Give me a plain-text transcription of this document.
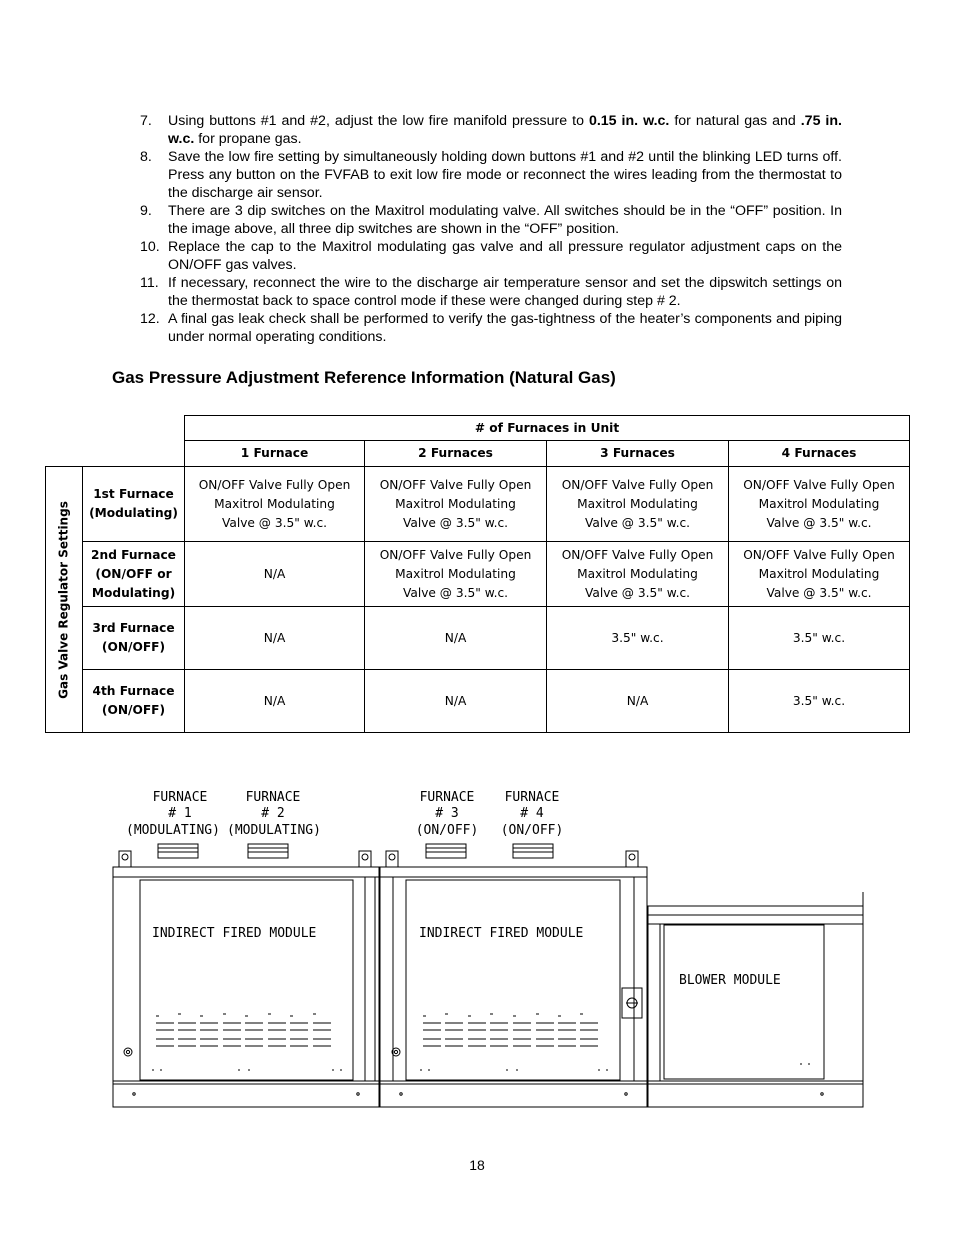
7.	Using buttons #1 and #2, adjust the low fire manifold pressure to 0.15 in. w.c. for natural gas and .75 in. w.c. for propane gas.
8.	Save the low fire setting by simultaneously holding down buttons #1 and #2 until the blinking LED turns off. Press any button on the FVFAB to exit low fire mode or reconnect the wires leading from the thermostat to the discharge air sensor.
9.	There are 3 dip switches on the Maxitrol modulating valve. All switches should be in the “OFF” position. In the image above, all three dip switches are shown in the “OFF” position.
10. Replace the cap to the Maxitrol modulating gas valve and all pressure regulator adjustment caps on the ON/OFF gas valves.
11. If necessary, reconnect the wire to the discharge air temperature sensor and set the dipswitch settings on the thermostat back to space control mode if these were changed during step # 2.
12. A final gas leak check shall be performed to verify the gas-tightness of the heater’s components and piping under normal operating conditions.
Gas Pressure Adjustment Reference Information (Natural Gas)
		# of Furnaces in Unit			
		1 Furnace	2 Furnaces	3 Furnaces	4 Furnaces

Gas Valve Regulator Settings	1st Furnace
(Modulating)	ON/OFF Valve Fully Open
Maxitrol Modulating
Valve @ 3.5" w.c.	ON/OFF Valve Fully Open
Maxitrol Modulating
Valve @ 3.5" w.c.	ON/OFF Valve Fully Open
Maxitrol Modulating
Valve @ 3.5" w.c.	ON/OFF Valve Fully Open
Maxitrol Modulating
Valve @ 3.5" w.c.
	2nd Furnace
(ON/OFF or
Modulating)	N/A	ON/OFF Valve Fully Open
Maxitrol Modulating
Valve @ 3.5" w.c.	ON/OFF Valve Fully Open
Maxitrol Modulating
Valve @ 3.5" w.c.	ON/OFF Valve Fully Open
Maxitrol Modulating
Valve @ 3.5" w.c.
	3rd Furnace
(ON/OFF)	N/A	N/A	3.5" w.c.	3.5" w.c.
	4th Furnace
(ON/OFF)	N/A	N/A	N/A	3.5" w.c.
FURNACE
# 1
(MODULATING)
FURNACE
# 2
(MODULATING)
FURNACE
# 3
(ON/OFF)
FURNACE
# 4
(ON/OFF)
INDIRECT FIRED MODULE	INDIRECT FIRED MODULE
BLOWER MODULE
18
